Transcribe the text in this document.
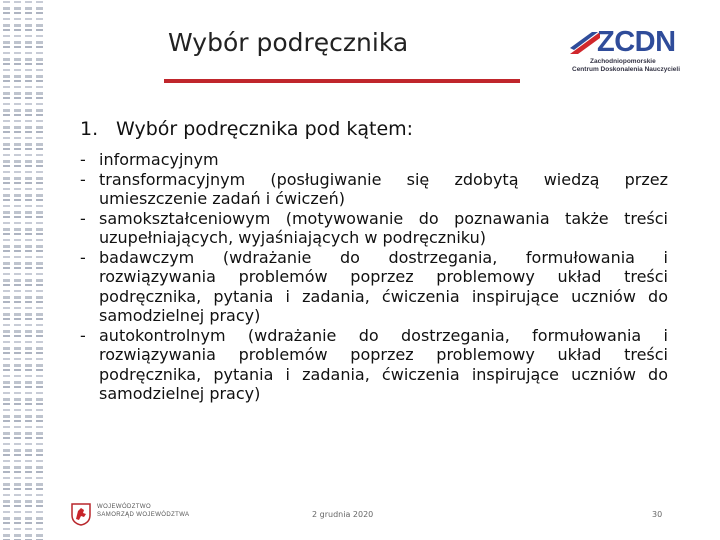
Wybór podręcznika	ZCDN
Zachodniopomorskie
Centrum Doskonalenia Nauczycieli
1. Wybór podręcznika pod kątem:
- informacyjnym
- transformacyjnym (posługiwanie się zdobytą wiedzą przez umieszczenie zadań i ćwiczeń)
- samokształceniowym (motywowanie do poznawania także treści uzupełniających, wyjaśniających w podręczniku)
- badawczym (wdrażanie do dostrzegania, formułowania i rozwiązywania problemów poprzez problemowy układ treści podręcznika, pytania i zadania, ćwiczenia inspirujące uczniów do samodzielnej pracy)
- autokontrolnym (wdrażanie do dostrzegania, formułowania i rozwiązywania problemów poprzez problemowy układ treści podręcznika, pytania i zadania, ćwiczenia inspirujące uczniów do samodzielnej pracy)
WOJEWÓDZTWO
SAMORZĄD WOJEWÓDZTWA	2 grudnia 2020	30
